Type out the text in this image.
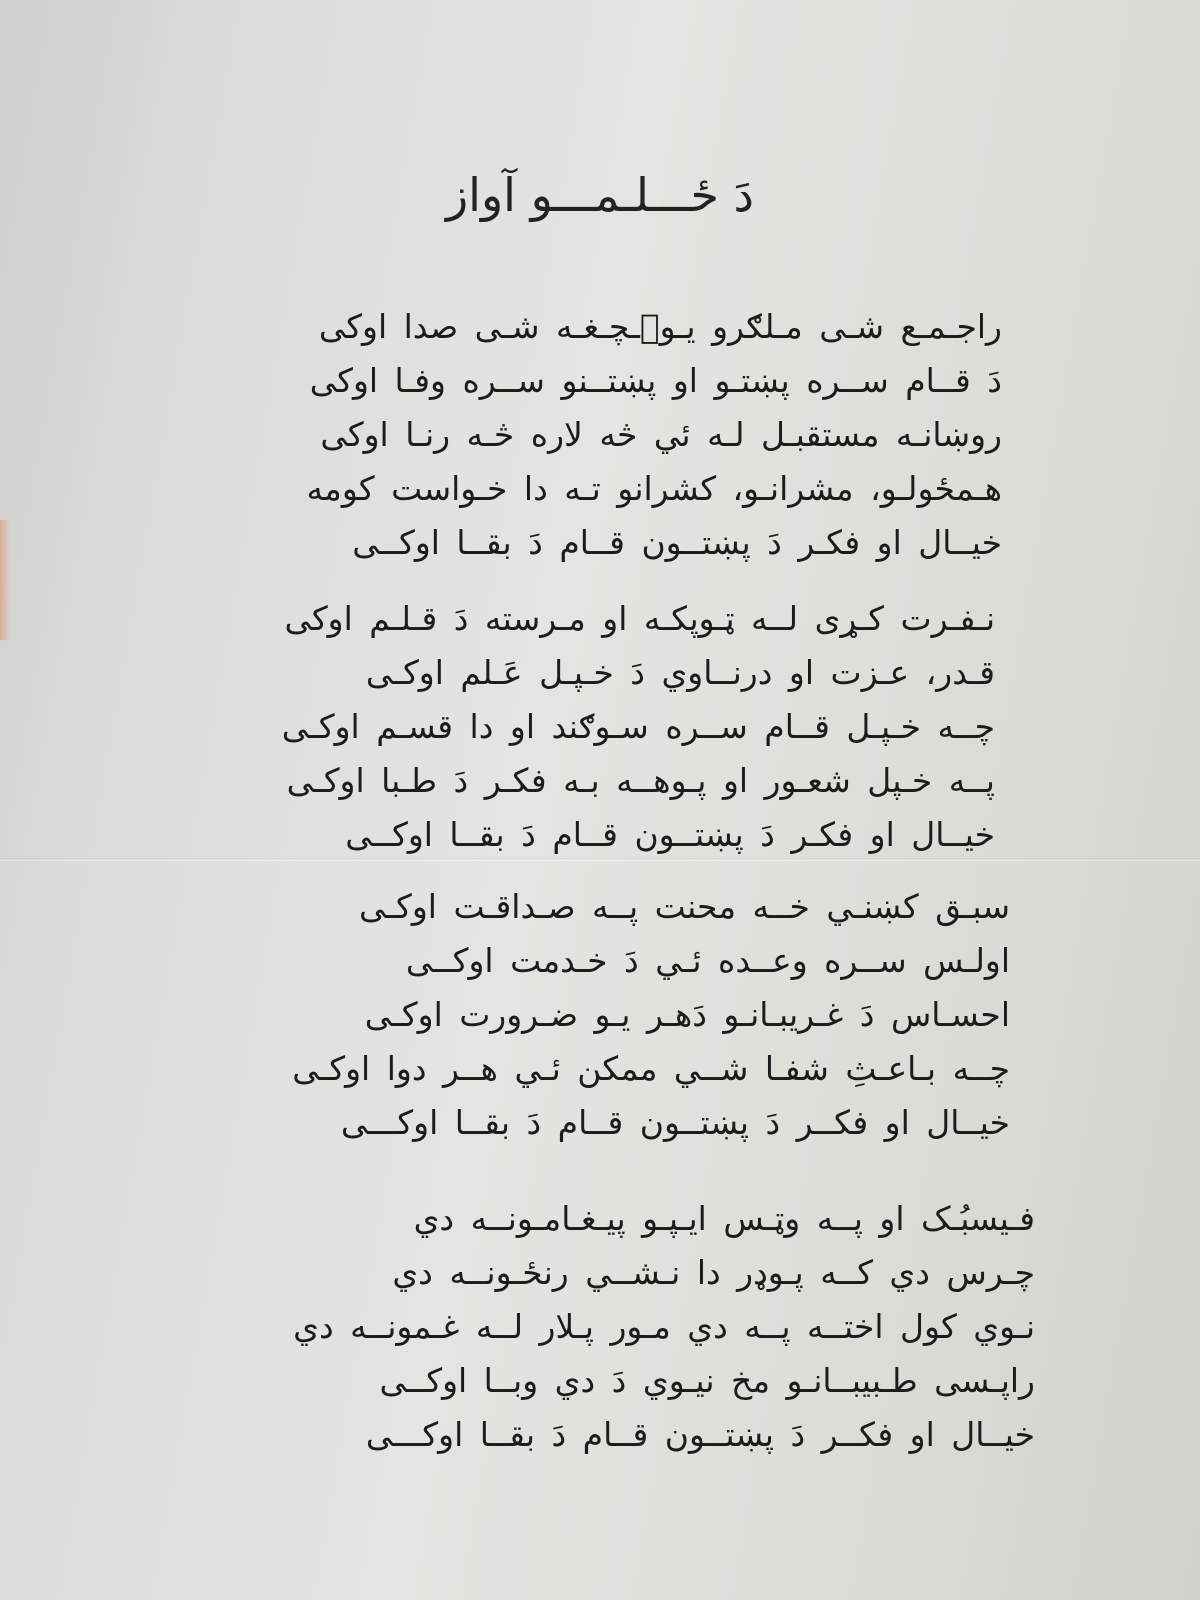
دَ ځـــلـمـــو آواز
راجـمـع شـی مـلګرو یـو٘ـچـغـه شـی صدا اوکی
دَ قــام ســره پښتـو او پښتــنو ســره وفـا اوکی
روښانـه مستقبـل لـه ئي څه لاره څـه رنـا اوکی
هـمځولـو، مشرانـو، کشرانو تـه دا خـواست کومه
خیــال او فکـر دَ پښتــون قــام دَ بقــا اوکــی
نـفـرت کـړی لــه ټـوپکـه او مـرسته دَ قـلـم اوکی
قـدر، عـزت او درنــاوي دَ خـپـل عَـلم اوکـی
چــه خـپـل قــام ســره سـوګند او دا قسـم اوکـی
پــه خـپل شعـور او پـوهــه بـه فکـر دَ طـبا اوکـی
خیــال او فکـر دَ پښتــون قــام دَ بقــا اوکــی
سبـق کښنـي خــه محنت پــه صـداقـت اوکـی
اولـس ســره وعــده ئـي دَ خـدمت اوکــی
احسـاس دَ غـریبـانـو دَهـر یـو ضـرورت اوکـی
چــه بـاعـثِ شفـا شــي ممکن ئـي هــر دوا اوکـی
خیــال او فکــر دَ پښتــون قــام دَ بقــا اوکـــی
فـیسبُـک او پــه وټـس ایـپـو پیـغـامـونــه دي
چـرس دي کــه پـوډر دا نـشــي رنځـونــه دي
نـوي کول اختــه پــه دي مـور پـلار لــه غـمونــه دي
راپـسی طـبیبــانـو مخ نیـوي دَ دي وبــا اوکــی
خیــال او فکــر دَ پښتــون قــام دَ بقــا اوکـــی
